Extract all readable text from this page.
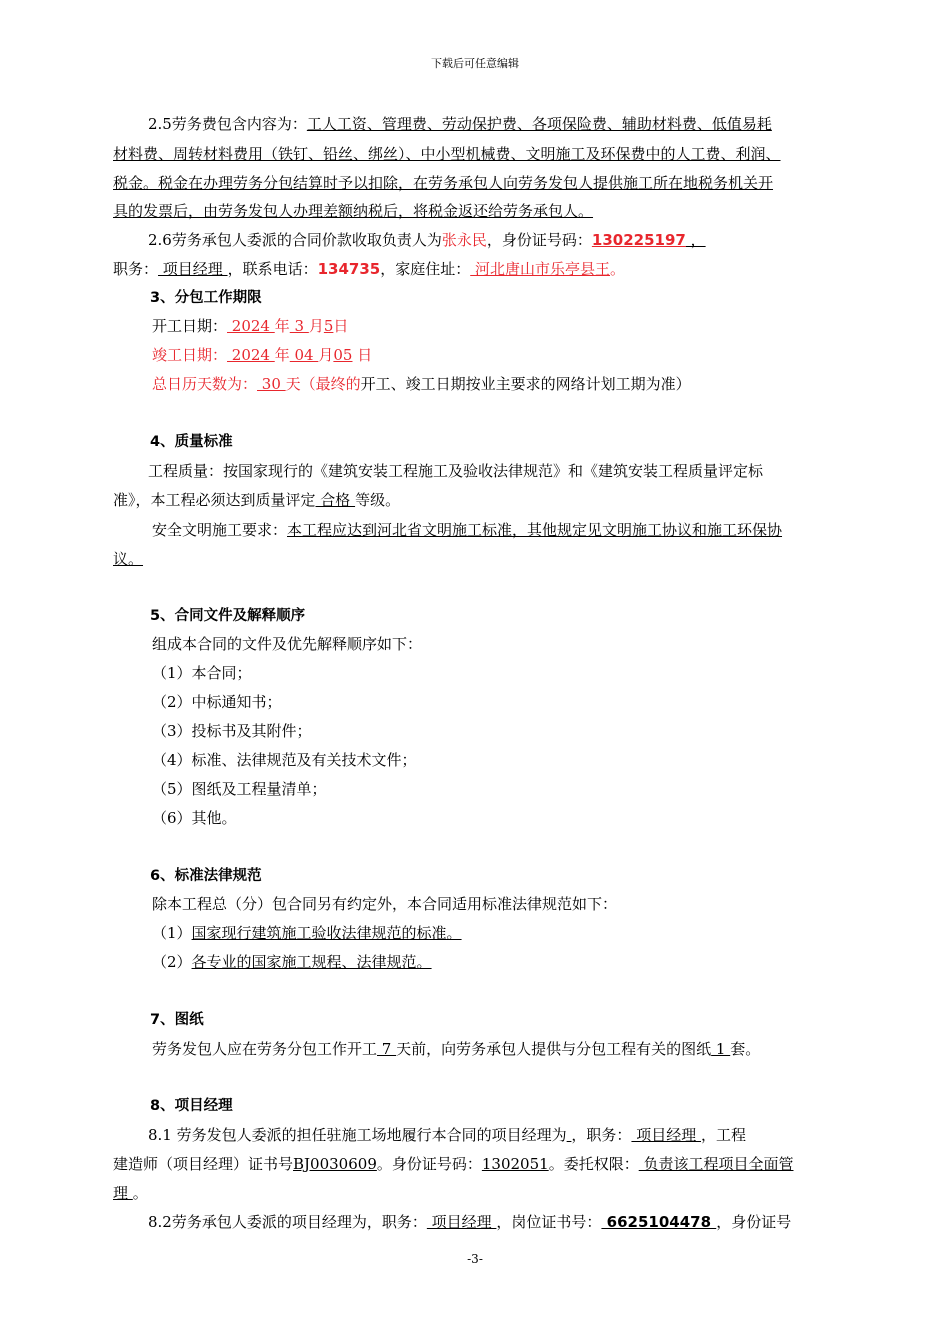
下载后可任意编辑
2.5劳务费包含内容为：工人工资、管理费、劳动保护费、各项保险费、辅助材料费、低值易耗
材料费、周转材料费用（铁钉、铅丝、绑丝）、中小型机械费、文明施工及环保费中的人工费、利润、
税金。税金在办理劳务分包结算时予以扣除，在劳务承包人向劳务发包人提供施工所在地税务机关开
具的发票后，由劳务发包人办理差额纳税后，将税金返还给劳务承包人。
2.6劳务承包人委派的合同价款收取负责人为张永民，身份证号码：130225197 ，
职务： 项目经理 ，联系电话：134735，家庭住址： 河北唐山市乐亭县王。
3、分包工作期限
开工日期： 2024 年 3 月5日
竣工日期： 2024 年 04 月05 日
总日历天数为： 30 天（最终的开工、竣工日期按业主要求的网络计划工期为准）
4、质量标准
工程质量：按国家现行的《建筑安装工程施工及验收法律规范》和《建筑安装工程质量评定标
准》，本工程必须达到质量评定 合格 等级。
安全文明施工要求：本工程应达到河北省文明施工标准，其他规定见文明施工协议和施工环保协
议。
5、合同文件及解释顺序
组成本合同的文件及优先解释顺序如下：
（1）本合同；
（2）中标通知书；
（3）投标书及其附件；
（4）标准、法律规范及有关技术文件；
（5）图纸及工程量清单；
（6）其他。
6、标准法律规范
除本工程总（分）包合同另有约定外，本合同适用标准法律规范如下：
（1）国家现行建筑施工验收法律规范的标准。
（2）各专业的国家施工规程、法律规范。
7、图纸
劳务发包人应在劳务分包工作开工 7 天前，向劳务承包人提供与分包工程有关的图纸 1 套。
8、项目经理
8.1 劳务发包人委派的担任驻施工场地履行本合同的项目经理为 ，职务： 项目经理 ，工程
建造师（项目经理）证书号BJ0030609。身份证号码：1302051。委托权限： 负责该工程项目全面管
理 。
8.2劳务承包人委派的项目经理为，职务： 项目经理 ，岗位证书号： 6625104478 ，身份证号
-3-
